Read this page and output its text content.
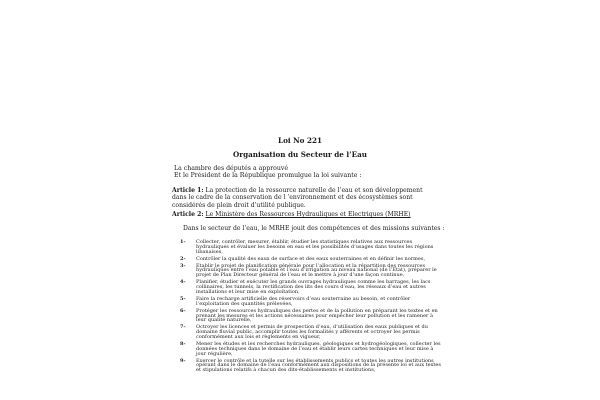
Loi No 221
Organisation du Secteur de l’Eau
La chambre des députés a approuvé
Et le Président de la République promulgue la loi suivante :
Article 1: La protection de la ressource naturelle de l’eau et son développement dans le cadre de la conservation de l ’environnement et des écosystèmes sont considérés de plein droit d’utilité publique.
Article 2: Le Ministère des Ressources Hydrauliques et Electriques (MRHE)
Dans le secteur de l’eau, le MRHE jouit des compétences et des missions suivantes :
1-	Collecter, contrôler, mesurer, établir, étudier les statistiques relatives aux ressources hydrauliques et évaluer les besoins en eau et les possibilités d’usages dans toutes les régions libanaises,
2-	Contrôler la qualité des eaux de surface et des eaux souterraines et en définir les normes,
3-	Etablir le projet de planification générale pour l’allocation et la répartition des ressources hydrauliques entre l’eau potable et l’eau d’irrigation au niveau national (de l’Etat), préparer le projet de Plan Directeur général de l’eau et le mettre à jour d’une façon continue,
4-	Planifier, étudier et exécuter les grands ouvrages hydrauliques comme les barrages, les lacs collinaires, les tunnels, la rectification des lits des cours d’eau, les réseaux d’eau et autres installations et leur mise en exploitation,
5-	Faire la recharge artificielle des réservoirs d’eau souterraine au besoin, et contrôler l’exploitation des quantités prélevées,
6-	Protéger les ressources hydrauliques des pertes et de la pollution en préparant les textes et en prenant les mesures et les actions nécessaires pour empêcher leur pollution et les ramener à leur qualité naturelle,
7-	Octroyer les licences et permis de prospection d’eau, d’utilisation des eaux publiques et du domaine fluvial public, accomplir toutes les formalités y afférents et octroyer les permis conformément aux lois et règlements en vigueur,
8-	Mener les études et les recherches hydrauliques, géologiques et hydrogéologiques, collecter les données techniques dans le domaine de l’eau et établir leurs cartes techniques et leur mise à jour régulière,
9-	Exercer le contrôle et la tutelle sur les établissements publics et toutes les autres institutions opérant dans le domaine de l’eau conformément aux dispositions de la présente loi et aux textes et stipulations relatifs à chacun des dits-établissements et institutions,
